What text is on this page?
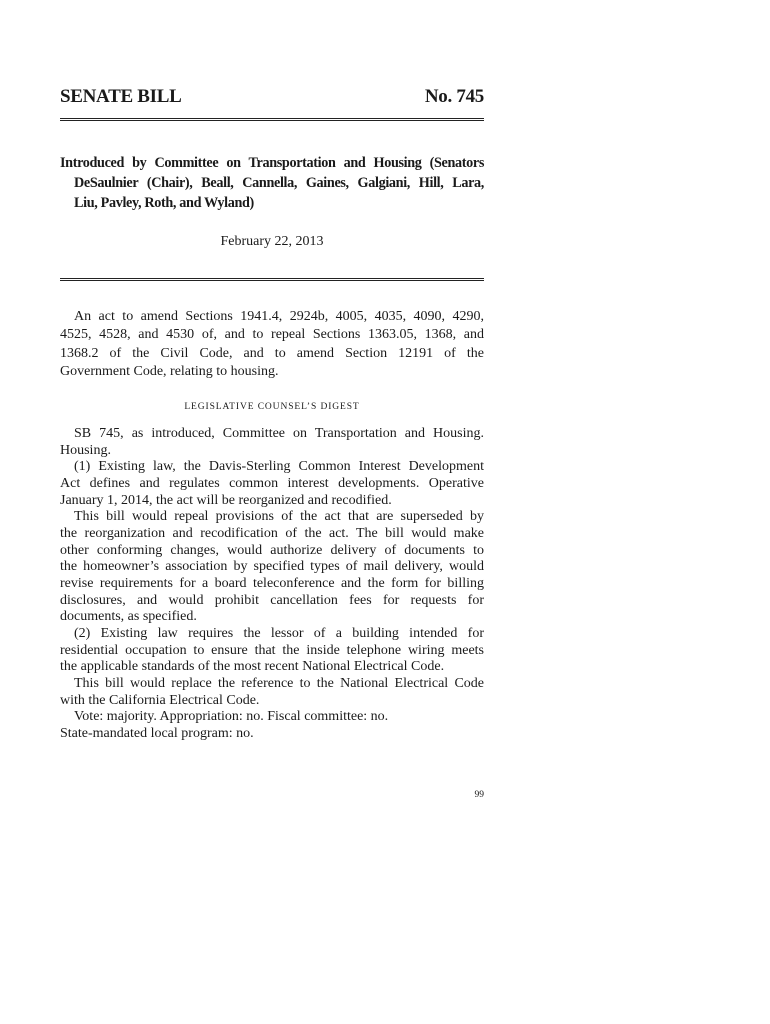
SENATE BILL	No. 745
Introduced by Committee on Transportation and Housing (Senators
DeSaulnier (Chair), Beall, Cannella, Gaines, Galgiani, Hill, Lara,
Liu, Pavley, Roth, and Wyland)
February 22, 2013
An act to amend Sections 1941.4, 2924b, 4005, 4035, 4090, 4290,
4525, 4528, and 4530 of, and to repeal Sections 1363.05, 1368, and
1368.2 of the Civil Code, and to amend Section 12191 of the
Government Code, relating to housing.
LEGISLATIVE COUNSEL’S DIGEST
SB 745, as introduced, Committee on Transportation and Housing.
Housing.
(1) Existing law, the Davis-Sterling Common Interest Development
Act defines and regulates common interest developments. Operative
January 1, 2014, the act will be reorganized and recodified.
This bill would repeal provisions of the act that are superseded by
the reorganization and recodification of the act. The bill would make
other conforming changes, would authorize delivery of documents to
the homeowner’s association by specified types of mail delivery, would
revise requirements for a board teleconference and the form for billing
disclosures, and would prohibit cancellation fees for requests for
documents, as specified.
(2) Existing law requires the lessor of a building intended for
residential occupation to ensure that the inside telephone wiring meets
the applicable standards of the most recent National Electrical Code.
This bill would replace the reference to the National Electrical Code
with the California Electrical Code.
Vote: majority. Appropriation: no. Fiscal committee: no.
State-mandated local program: no.
99
